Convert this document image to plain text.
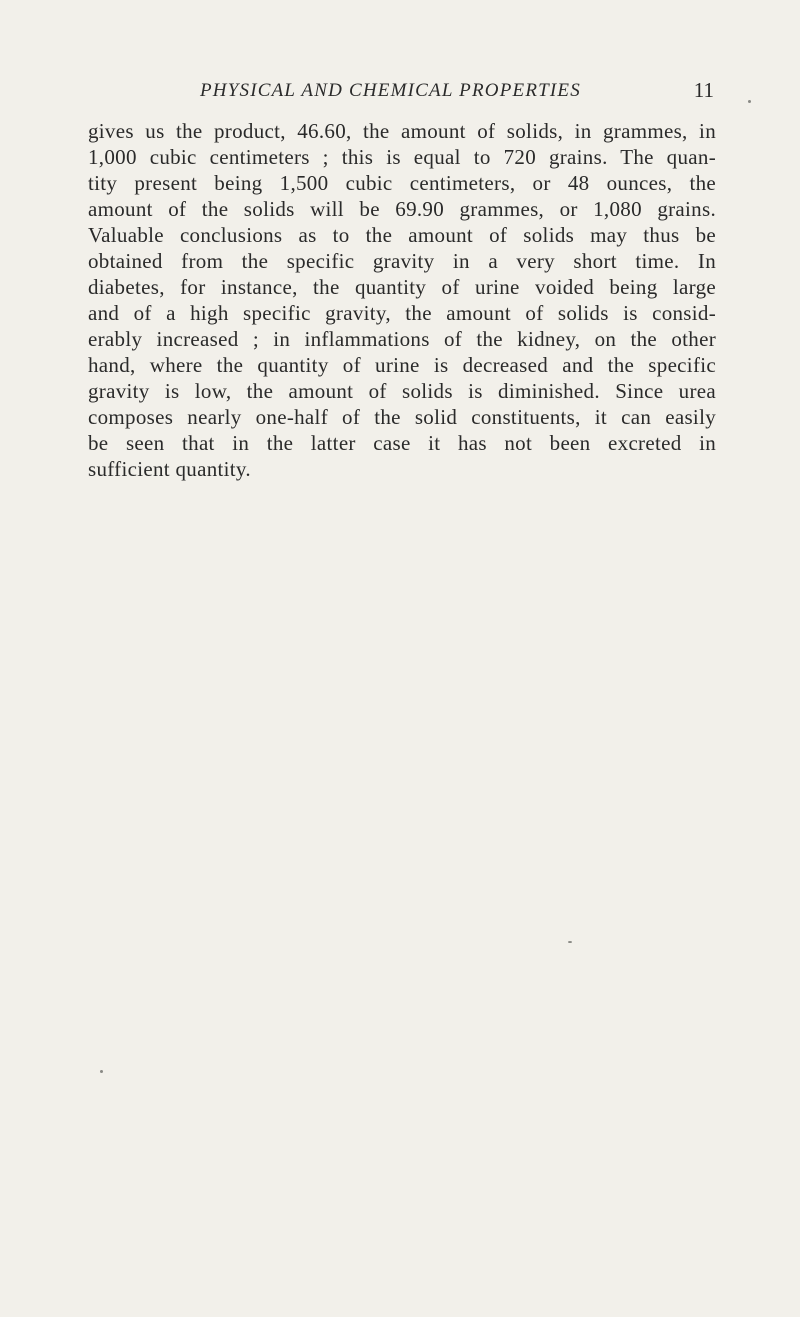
PHYSICAL AND CHEMICAL PROPERTIES	11

gives us the product, 46.60, the amount of solids, in grammes, in
1,000 cubic centimeters ; this is equal to 720 grains. The quan-
tity present being 1,500 cubic centimeters, or 48 ounces, the
amount of the solids will be 69.90 grammes, or 1,080 grains.
Valuable conclusions as to the amount of solids may thus be
obtained from the specific gravity in a very short time. In
diabetes, for instance, the quantity of urine voided being large
and of a high specific gravity, the amount of solids is consid-
erably increased ; in inflammations of the kidney, on the other
hand, where the quantity of urine is decreased and the specific
gravity is low, the amount of solids is diminished. Since urea
composes nearly one-half of the solid constituents, it can easily
be seen that in the latter case it has not been excreted in
sufficient quantity.
